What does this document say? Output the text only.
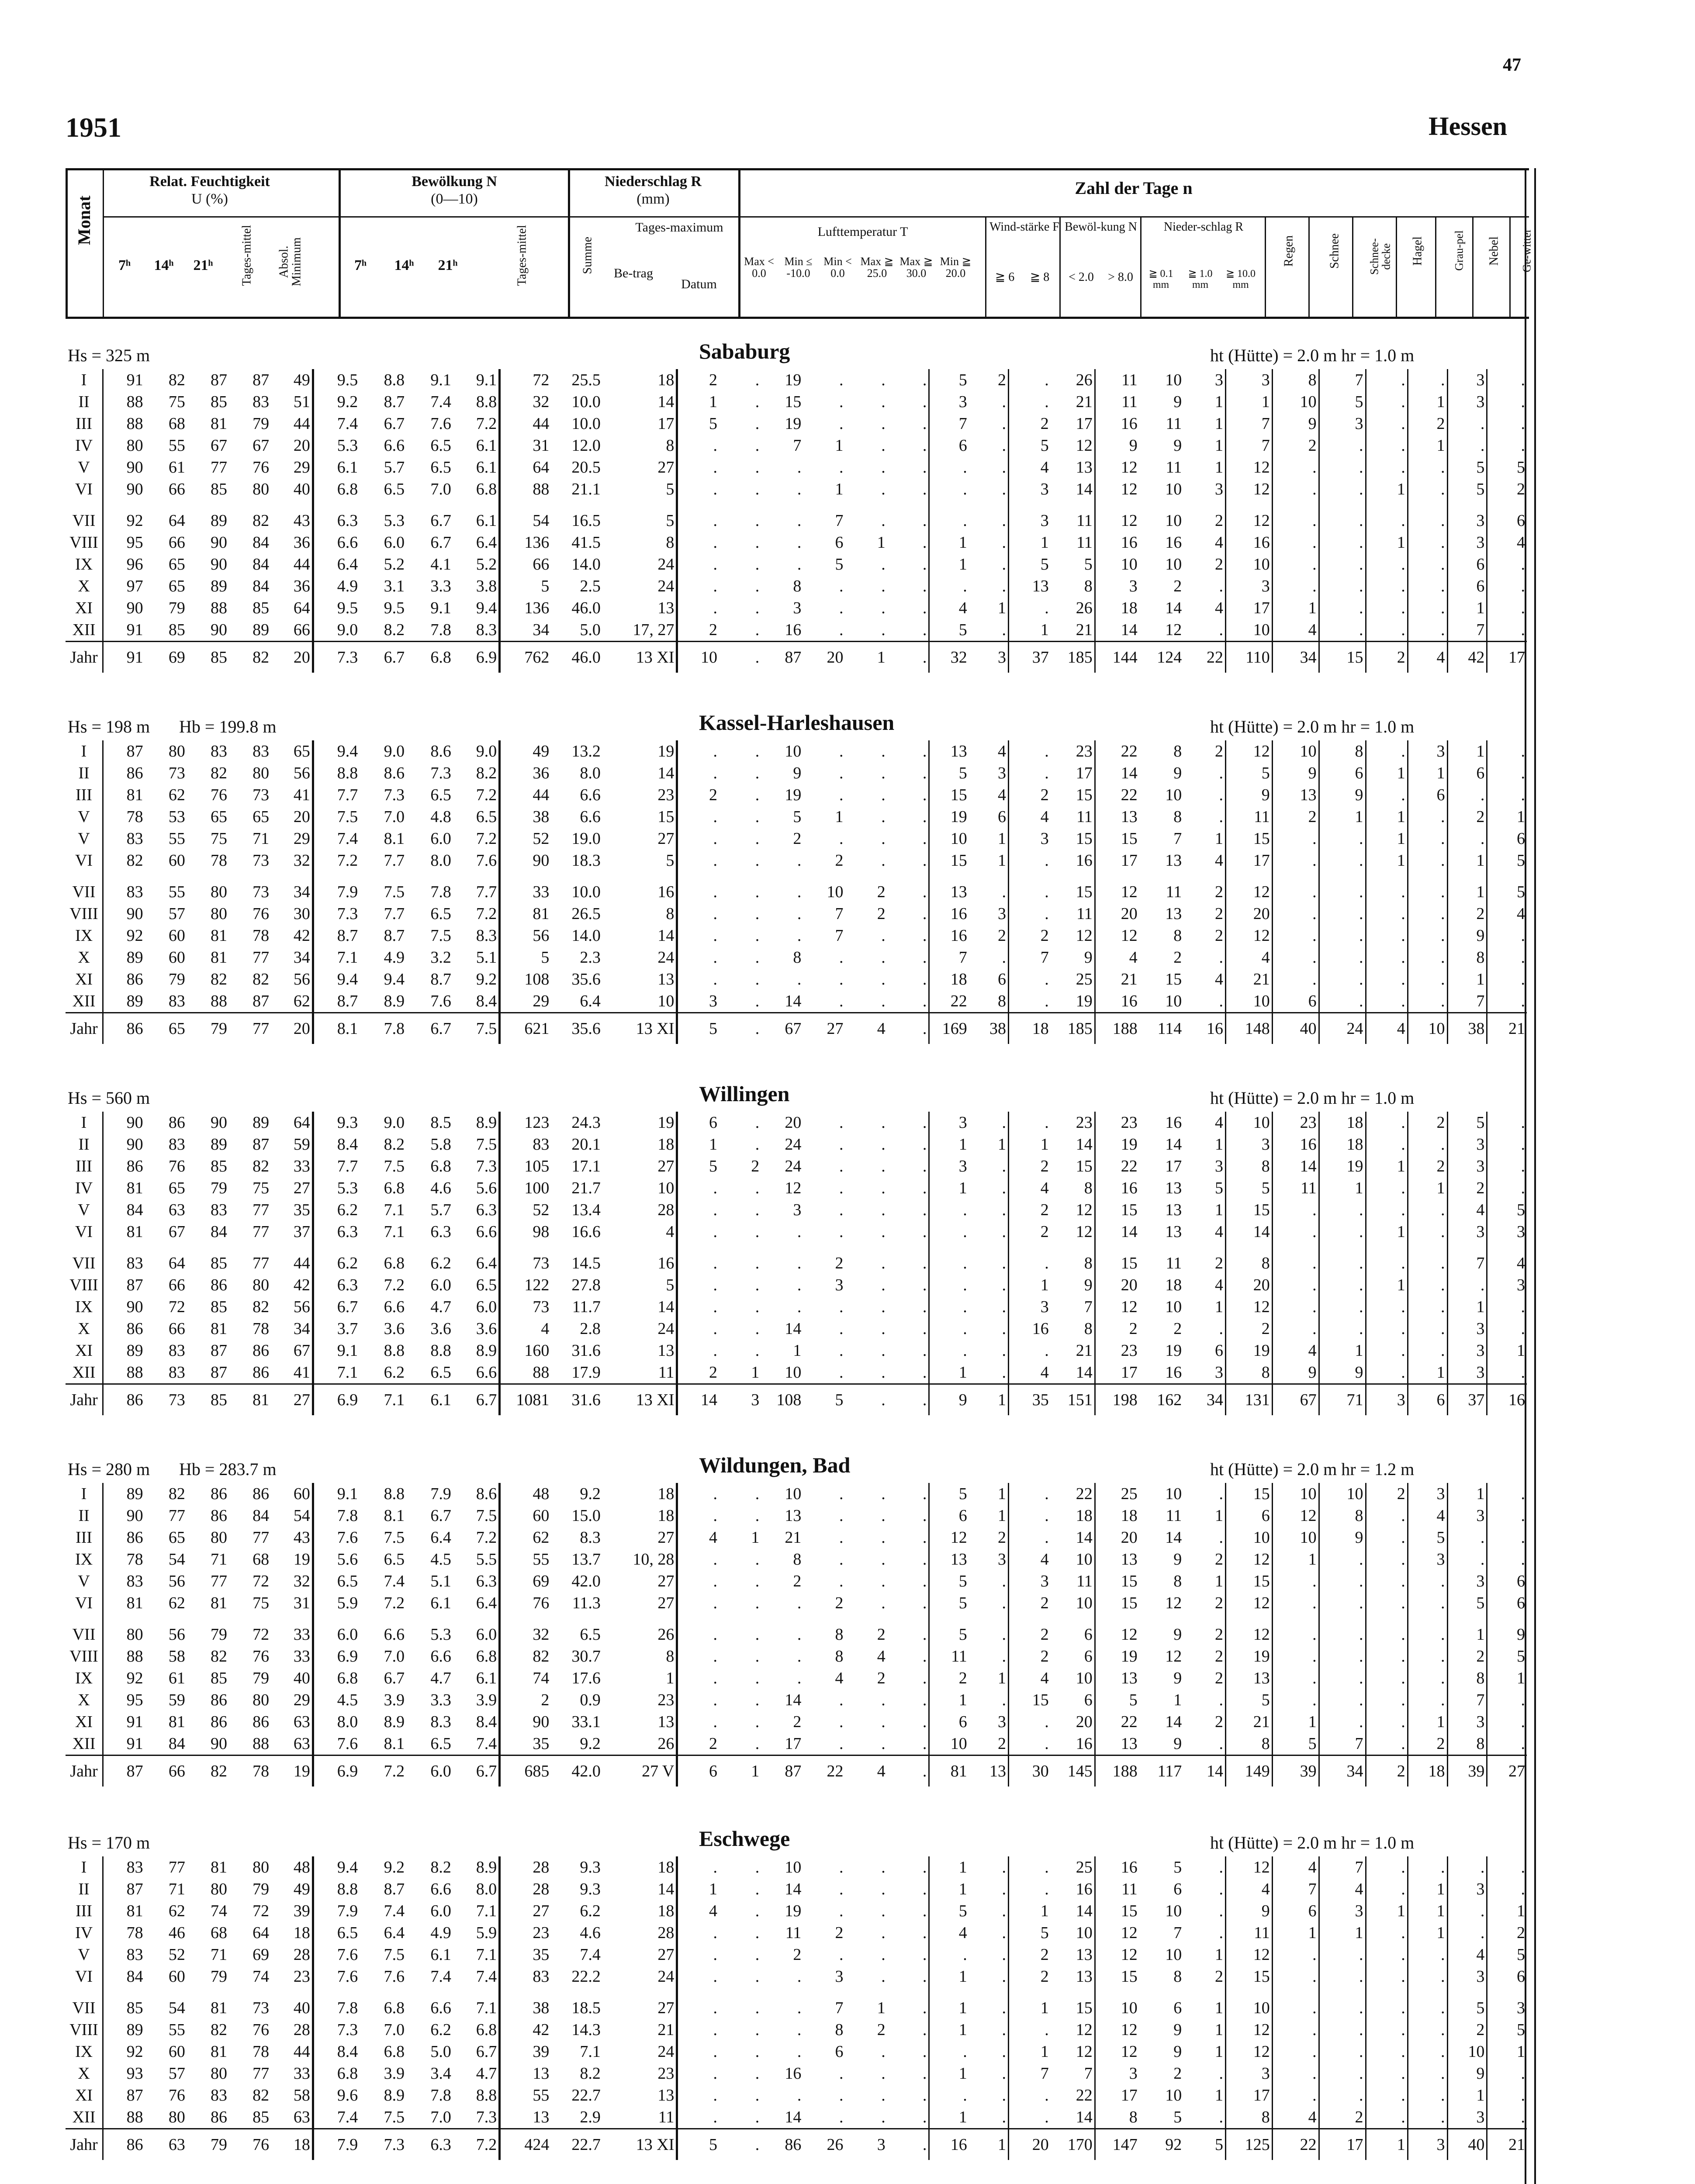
47
1951	Hessen
Monat
Relat. Feuchtigkeit
U (%)
Bewölkung N
(0—10)
Niederschlag R
(mm)
Zahl der Tage n
7ʰ	14ʰ	21ʰ	Tages-mittel Absol. Minimum	7ʰ	14ʰ	21ʰ	Tages-mittel	Summe
Tages-maximum
Be-trag
Datum
Lufttemperatur T	Wind-stärke F Bewöl-kung N	Nieder-schlag R
Regen	Schnee Schnee-decke Hagel	Grau-pel Nebel Ge-witter
Max < 0.0
Min ≤ -10.0
Min < 0.0
Max ≧ 25.0
Max ≧ 30.0
Min ≧ 20.0	≧ 6	≧ 8	< 2.0	> 8.0	≧ 0.1 mm
≧ 1.0 mm
≧ 10.0 mm
Hs = 325 m	Sababurg	ht (Hütte) = 2.0 m hr = 1.0 m
I	91	82	87	87	49	9.5	8.8	9.1	9.1	72	25.5	18	2	.	19	.	.	.	5	2	.	26	11	10	3	3	8	7	.	.	3	.
II	88	75	85	83	51	9.2	8.7	7.4	8.8	32	10.0	14	1	.	15	.	.	.	3	.	.	21	11	9	1	1	10	5	.	1	3	.
III	88	68	81	79	44	7.4	6.7	7.6	7.2	44	10.0	17	5	.	19	.	.	.	7	.	2	17	16	11	1	7	9	3	.	2	.	.
IV	80	55	67	67	20	5.3	6.6	6.5	6.1	31	12.0	8	.	.	7	1	.	.	6	.	5	12	9	9	1	7	2	.	.	1	.	.
V	90	61	77	76	29	6.1	5.7	6.5	6.1	64	20.5	27	.	.	.	.	.	.	.	.	4	13	12	11	1	12	.	.	.	.	5	5
VI	90	66	85	80	40	6.8	6.5	7.0	6.8	88	21.1	5	.	.	.	1	.	.	.	.	3	14	12	10	3	12	.	.	1	.	5	2
VII	92	64	89	82	43	6.3	5.3	6.7	6.1	54	16.5	5	.	.	.	7	.	.	.	.	3	11	12	10	2	12	.	.	.	.	3	6
VIII	95	66	90	84	36	6.6	6.0	6.7	6.4	136	41.5	8	.	.	.	6	1	.	1	.	1	11	16	16	4	16	.	.	1	.	3	4
IX	96	65	90	84	44	6.4	5.2	4.1	5.2	66	14.0	24	.	.	.	5	.	.	1	.	5	5	10	10	2	10	.	.	.	.	6	.
X	97	65	89	84	36	4.9	3.1	3.3	3.8	5	2.5	24	.	.	8	.	.	.	.	.	13	8	3	2	.	3	.	.	.	.	6	.
XI	90	79	88	85	64	9.5	9.5	9.1	9.4	136	46.0	13	.	.	3	.	.	.	4	1	.	26	18	14	4	17	1	.	.	.	1	.
XII	91	85	90	89	66	9.0	8.2	7.8	8.3	34	5.0	17, 27	2	.	16	.	.	.	5	.	1	21	14	12	.	10	4	.	.	.	7	.
Jahr	91	69	85	82	20	7.3	6.7	6.8	6.9	762	46.0	13 XI	10	.	87	20	1	.	32	3	37	185	144	124	22	110	34	15	2	4	42	17
Hs = 198 m Hb = 199.8 m	Kassel-Harleshausen	ht (Hütte) = 2.0 m hr = 1.0 m
I	87	80	83	83	65	9.4	9.0	8.6	9.0	49	13.2	19	.	.	10	.	.	.	13	4	.	23	22	8	2	12	10	8	.	3	1	.
II	86	73	82	80	56	8.8	8.6	7.3	8.2	36	8.0	14	.	.	9	.	.	.	5	3	.	17	14	9	.	5	9	6	1	1	6	.
III	81	62	76	73	41	7.7	7.3	6.5	7.2	44	6.6	23	2	.	19	.	.	.	15	4	2	15	22	10	.	9	13	9	.	6	.	.
V	78	53	65	65	20	7.5	7.0	4.8	6.5	38	6.6	15	.	.	5	1	.	.	19	6	4	11	13	8	.	11	2	1	1	.	2	1
V	83	55	75	71	29	7.4	8.1	6.0	7.2	52	19.0	27	.	.	2	.	.	.	10	1	3	15	15	7	1	15	.	.	1	.	.	6
VI	82	60	78	73	32	7.2	7.7	8.0	7.6	90	18.3	5	.	.	.	2	.	.	15	1	.	16	17	13	4	17	.	.	1	.	1	5
VII	83	55	80	73	34	7.9	7.5	7.8	7.7	33	10.0	16	.	.	.	10	2	.	13	.	.	15	12	11	2	12	.	.	.	.	1	5
VIII	90	57	80	76	30	7.3	7.7	6.5	7.2	81	26.5	8	.	.	.	7	2	.	16	3	.	11	20	13	2	20	.	.	.	.	2	4
IX	92	60	81	78	42	8.7	8.7	7.5	8.3	56	14.0	14	.	.	.	7	.	.	16	2	2	12	12	8	2	12	.	.	.	.	9	.
X	89	60	81	77	34	7.1	4.9	3.2	5.1	5	2.3	24	.	.	8	.	.	.	7	.	7	9	4	2	.	4	.	.	.	.	8	.
XI	86	79	82	82	56	9.4	9.4	8.7	9.2	108	35.6	13	.	.	.	.	.	.	18	6	.	25	21	15	4	21	.	.	.	.	1	.
XII	89	83	88	87	62	8.7	8.9	7.6	8.4	29	6.4	10	3	.	14	.	.	.	22	8	.	19	16	10	.	10	6	.	.	.	7	.
Jahr	86	65	79	77	20	8.1	7.8	6.7	7.5	621	35.6	13 XI	5	.	67	27	4	.	169	38	18	185	188	114	16	148	40	24	4	10	38	21
Hs = 560 m	Willingen	ht (Hütte) = 2.0 m hr = 1.0 m
I	90	86	90	89	64	9.3	9.0	8.5	8.9	123	24.3	19	6	.	20	.	.	.	3	.	.	23	23	16	4	10	23	18	.	2	5	.
II	90	83	89	87	59	8.4	8.2	5.8	7.5	83	20.1	18	1	.	24	.	.	.	1	1	1	14	19	14	1	3	16	18	.	.	3	.
III	86	76	85	82	33	7.7	7.5	6.8	7.3	105	17.1	27	5	2	24	.	.	.	3	.	2	15	22	17	3	8	14	19	1	2	3	.
IV	81	65	79	75	27	5.3	6.8	4.6	5.6	100	21.7	10	.	.	12	.	.	.	1	.	4	8	16	13	5	5	11	1	.	1	2	.
V	84	63	83	77	35	6.2	7.1	5.7	6.3	52	13.4	28	.	.	3	.	.	.	.	.	2	12	15	13	1	15	.	.	.	.	4	5
VI	81	67	84	77	37	6.3	7.1	6.3	6.6	98	16.6	4	.	.	.	.	.	.	.	.	2	12	14	13	4	14	.	.	1	.	3	3
VII	83	64	85	77	44	6.2	6.8	6.2	6.4	73	14.5	16	.	.	.	2	.	.	.	.	.	8	15	11	2	8	.	.	.	.	7	4
VIII	87	66	86	80	42	6.3	7.2	6.0	6.5	122	27.8	5	.	.	.	3	.	.	.	.	1	9	20	18	4	20	.	.	1	.	.	3
IX	90	72	85	82	56	6.7	6.6	4.7	6.0	73	11.7	14	.	.	.	.	.	.	.	.	3	7	12	10	1	12	.	.	.	.	1	.
X	86	66	81	78	34	3.7	3.6	3.6	3.6	4	2.8	24	.	.	14	.	.	.	.	.	16	8	2	2	.	2	.	.	.	.	3	.
XI	89	83	87	86	67	9.1	8.8	8.8	8.9	160	31.6	13	.	.	1	.	.	.	.	.	.	21	23	19	6	19	4	1	.	.	3	1
XII	88	83	87	86	41	7.1	6.2	6.5	6.6	88	17.9	11	2	1	10	.	.	.	1	.	4	14	17	16	3	8	9	9	.	1	3	.
Jahr	86	73	85	81	27	6.9	7.1	6.1	6.7	1081	31.6	13 XI	14	3	108	5	.	.	9	1	35	151	198	162	34	131	67	71	3	6	37	16
Hs = 280 m Hb = 283.7 m	Wildungen, Bad	ht (Hütte) = 2.0 m hr = 1.2 m
I	89	82	86	86	60	9.1	8.8	7.9	8.6	48	9.2	18	.	.	10	.	.	.	5	1	.	22	25	10	.	15	10	10	2	3	1	.
II	90	77	86	84	54	7.8	8.1	6.7	7.5	60	15.0	18	.	.	13	.	.	.	6	1	.	18	18	11	1	6	12	8	.	4	3	.
III	86	65	80	77	43	7.6	7.5	6.4	7.2	62	8.3	27	4	1	21	.	.	.	12	2	.	14	20	14	.	10	10	9	.	5	.	.
IX	78	54	71	68	19	5.6	6.5	4.5	5.5	55	13.7	10, 28	.	.	8	.	.	.	13	3	4	10	13	9	2	12	1	.	.	3	.	.
V	83	56	77	72	32	6.5	7.4	5.1	6.3	69	42.0	27	.	.	2	.	.	.	5	.	3	11	15	8	1	15	.	.	.	.	3	6
VI	81	62	81	75	31	5.9	7.2	6.1	6.4	76	11.3	27	.	.	.	2	.	.	5	.	2	10	15	12	2	12	.	.	.	.	5	6
VII	80	56	79	72	33	6.0	6.6	5.3	6.0	32	6.5	26	.	.	.	8	2	.	5	.	2	6	12	9	2	12	.	.	.	.	1	9
VIII	88	58	82	76	33	6.9	7.0	6.6	6.8	82	30.7	8	.	.	.	8	4	.	11	.	2	6	19	12	2	19	.	.	.	.	2	5
IX	92	61	85	79	40	6.8	6.7	4.7	6.1	74	17.6	1	.	.	.	4	2	.	2	1	4	10	13	9	2	13	.	.	.	.	8	1
X	95	59	86	80	29	4.5	3.9	3.3	3.9	2	0.9	23	.	.	14	.	.	.	1	.	15	6	5	1	.	5	.	.	.	.	7	.
XI	91	81	86	86	63	8.0	8.9	8.3	8.4	90	33.1	13	.	.	2	.	.	.	6	3	.	20	22	14	2	21	1	.	.	1	3	.
XII	91	84	90	88	63	7.6	8.1	6.5	7.4	35	9.2	26	2	.	17	.	.	.	10	2	.	16	13	9	.	8	5	7	.	2	8	.
Jahr	87	66	82	78	19	6.9	7.2	6.0	6.7	685	42.0	27 V	6	1	87	22	4	.	81	13	30	145	188	117	14	149	39	34	2	18	39	27
Hs = 170 m	Eschwege	ht (Hütte) = 2.0 m hr = 1.0 m
I	83	77	81	80	48	9.4	9.2	8.2	8.9	28	9.3	18	.	.	10	.	.	.	1	.	.	25	16	5	.	12	4	7	.	.	.	.
II	87	71	80	79	49	8.8	8.7	6.6	8.0	28	9.3	14	1	.	14	.	.	.	1	.	.	16	11	6	.	4	7	4	.	1	3	.
III	81	62	74	72	39	7.9	7.4	6.0	7.1	27	6.2	18	4	.	19	.	.	.	5	.	1	14	15	10	.	9	6	3	1	1	.	1
IV	78	46	68	64	18	6.5	6.4	4.9	5.9	23	4.6	28	.	.	11	2	.	.	4	.	5	10	12	7	.	11	1	1	.	1	.	2
V	83	52	71	69	28	7.6	7.5	6.1	7.1	35	7.4	27	.	.	2	.	.	.	.	.	2	13	12	10	1	12	.	.	.	.	4	5
VI	84	60	79	74	23	7.6	7.6	7.4	7.4	83	22.2	24	.	.	.	3	.	.	1	.	2	13	15	8	2	15	.	.	.	.	3	6
VII	85	54	81	73	40	7.8	6.8	6.6	7.1	38	18.5	27	.	.	.	7	1	.	1	.	1	15	10	6	1	10	.	.	.	.	5	3
VIII	89	55	82	76	28	7.3	7.0	6.2	6.8	42	14.3	21	.	.	.	8	2	.	1	.	.	12	12	9	1	12	.	.	.	.	2	5
IX	92	60	81	78	44	8.4	6.8	5.0	6.7	39	7.1	24	.	.	.	6	.	.	.	.	1	12	12	9	1	12	.	.	.	.	10	1
X	93	57	80	77	33	6.8	3.9	3.4	4.7	13	8.2	23	.	.	16	.	.	.	1	.	7	7	3	2	.	3	.	.	.	.	9	.
XI	87	76	83	82	58	9.6	8.9	7.8	8.8	55	22.7	13	.	.	.	.	.	.	.	.	.	22	17	10	1	17	.	.	.	.	1	.
XII	88	80	86	85	63	7.4	7.5	7.0	7.3	13	2.9	11	.	.	14	.	.	.	1	.	.	14	8	5	.	8	4	2	.	.	3	.
Jahr	86	63	79	76	18	7.9	7.3	6.3	7.2	424	22.7	13 XI	5	.	86	26	3	.	16	1	20	170	147	92	5	125	22	17	1	3	40	21
